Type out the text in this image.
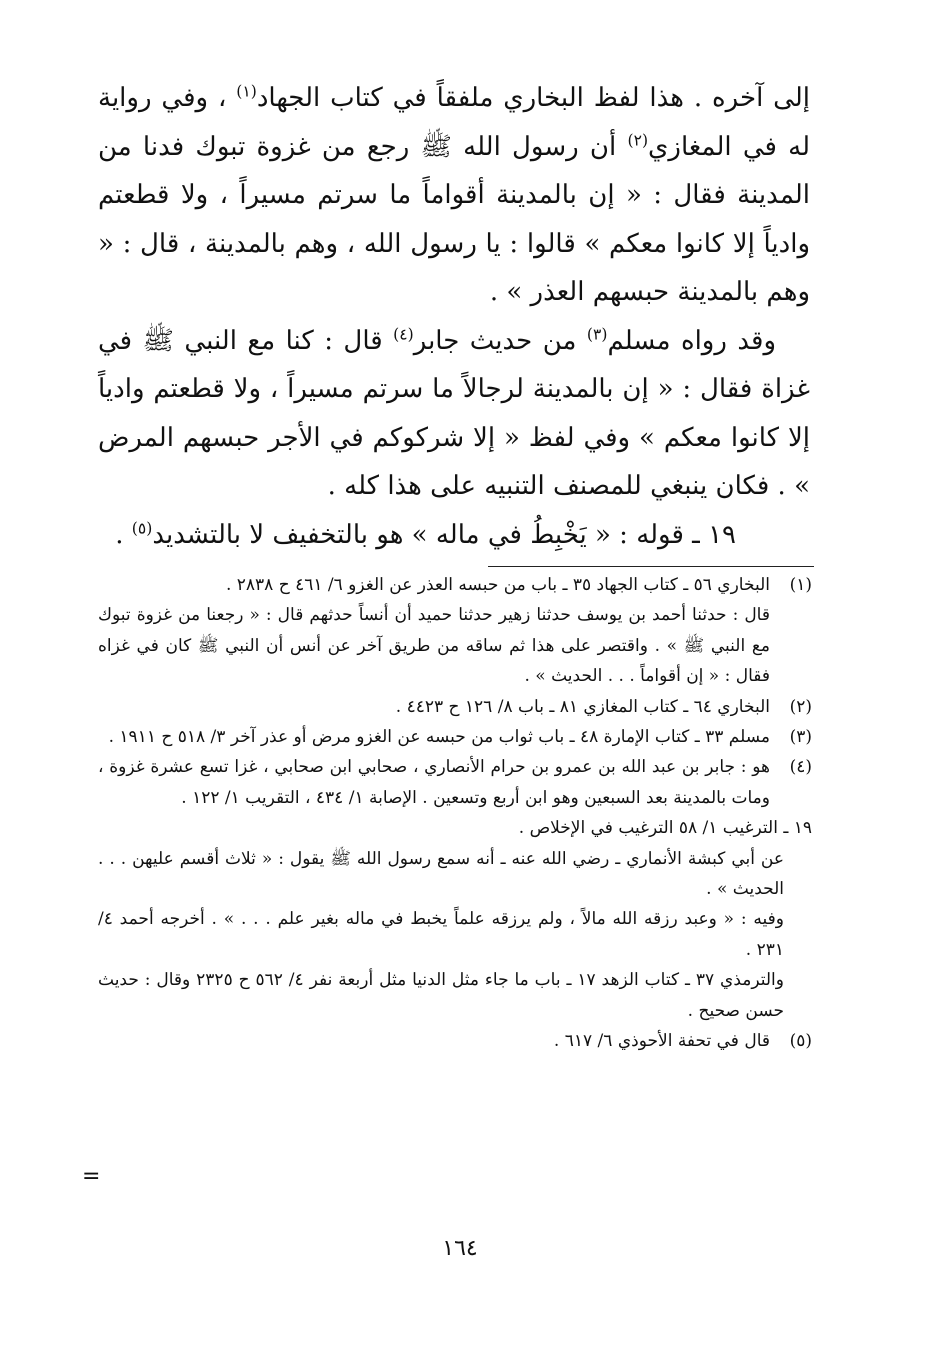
إلى آخره . هذا لفظ البخاري ملفقاً في كتاب الجهاد$^{(١)}$ ، وفي رواية له في المغازي$^{(٢)}$ أن رسول الله ﷺ رجع من غزوة تبوك فدنا من المدينة فقال : « إن بالمدينة أقواماً ما سرتم مسيراً ، ولا قطعتم وادياً إلا كانوا معكم » قالوا : يا رسول الله ، وهم بالمدينة ، قال : « وهم بالمدينة حبسهم العذر » .

وقد رواه مسلم$^{(٣)}$ من حديث جابر$^{(٤)}$ قال : كنا مع النبي ﷺ في غزاة فقال : « إن بالمدينة لرجالاً ما سرتم مسيراً ، ولا قطعتم وادياً إلا كانوا معكم » وفي لفظ « إلا شركوكم في الأجر حبسهم المرض » . فكان ينبغي للمصنف التنبيه على هذا كله .

١٩ ـ قوله : « يَخْبِطُ في ماله » هو بالتخفيف لا بالتشديد$^{(٥)}$ .

(١)
البخاري ٥٦ ـ كتاب الجهاد ٣٥ ـ باب من حبسه العذر عن الغزو ٦/ ٤٦١ ح ٢٨٣٨ .
قال : حدثنا أحمد بن يوسف حدثنا زهير حدثنا حميد أن أنساً حدثهم قال : « رجعنا من غزوة تبوك مع النبي ﷺ » . واقتصر على هذا ثم ساقه من طريق آخر عن أنس أن النبي ﷺ كان في غزاه فقال : « إن أقواماً . . . الحديث » .
(٢)
البخاري ٦٤ ـ كتاب المغازي ٨١ ـ باب ٨/ ١٢٦ ح ٤٤٢٣ .
(٣)
مسلم ٣٣ ـ كتاب الإمارة ٤٨ ـ باب ثواب من حبسه عن الغزو مرض أو عذر آخر ٣/ ٥١٨ ح ١٩١١ .
(٤)
هو : جابر بن عبد الله بن عمرو بن حرام الأنصاري ، صحابي ابن صحابي ، غزا تسع عشرة غزوة ، ومات بالمدينة بعد السبعين وهو ابن أربع وتسعين . الإصابة ١/ ٤٣٤ ، التقريب ١/ ١٢٢ .
١٩ ـ الترغيب ١/ ٥٨ الترغيب في الإخلاص .
عن أبي كبشة الأنماري ـ رضي الله عنه ـ أنه سمع رسول الله ﷺ يقول : « ثلاث أقسم عليهن . . . الحديث » .
وفيه : « وعبد رزقه الله مالاً ، ولم يرزقه علماً يخبط في ماله بغير علم . . . » . أخرجه أحمد ٤/ ٢٣١ .
والترمذي ٣٧ ـ كتاب الزهد ١٧ ـ باب ما جاء مثل الدنيا مثل أربعة نفر ٤/ ٥٦٢ ح ٢٣٢٥ وقال : حديث حسن صحيح .
(٥)
قال في تحفة الأحوذي ٦/ ٦١٧ .
=
١٦٤
